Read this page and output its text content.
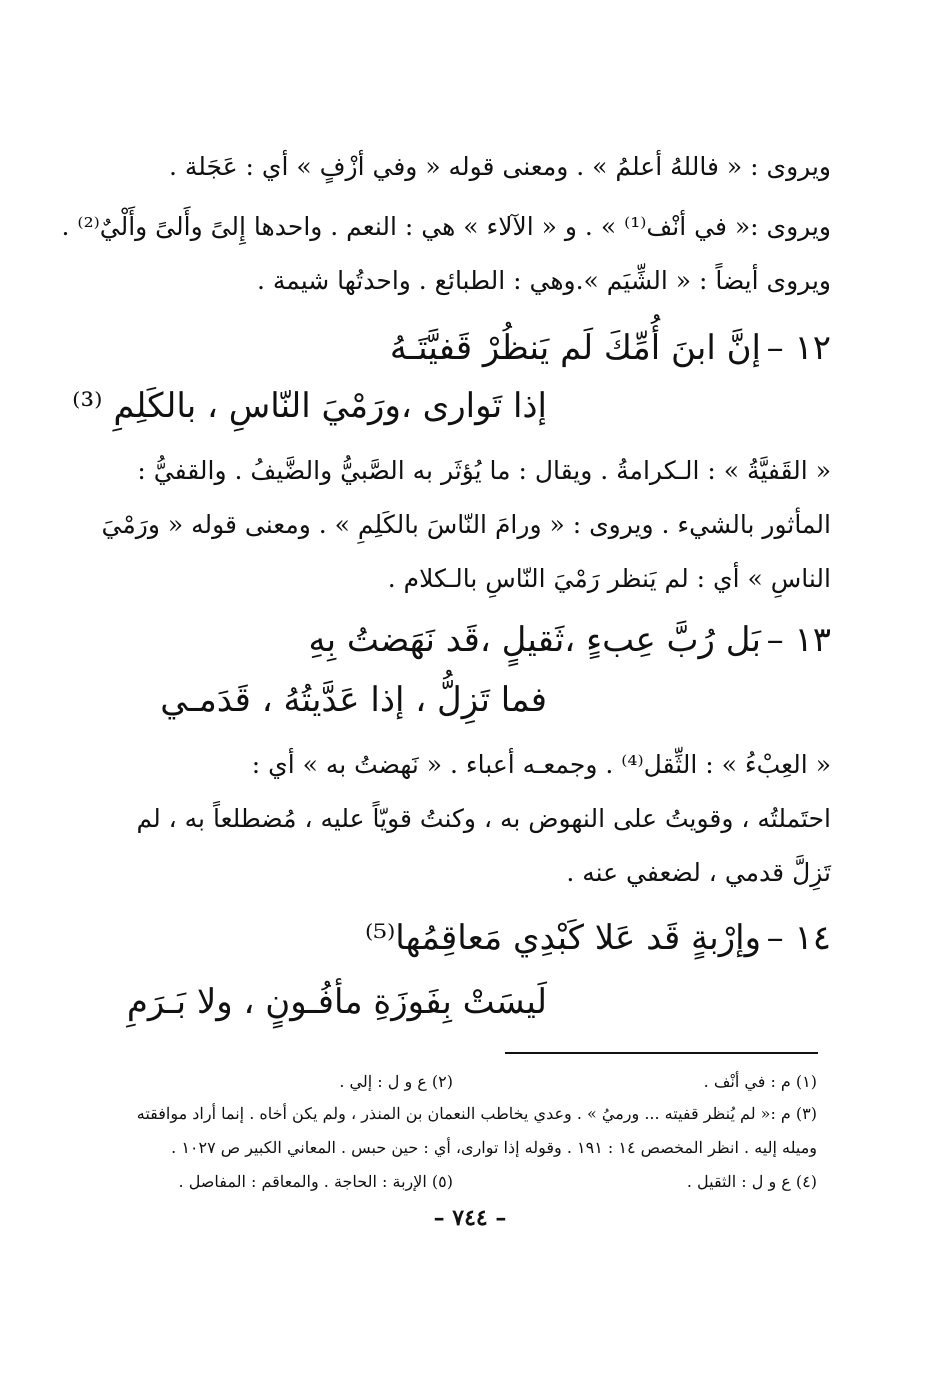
ويروى : « فاللهُ أعلمُ » . ومعنى قوله « وفي أزْفٍ » أي : عَجَلة .
ويروى :« في أنْف⁽¹⁾ » . و « الآلاء » هي : النعم . واحدها إِلىً وأَلىً وأَلْيٌ⁽²⁾ .
ويروى أيضاً : « الشِّيَم ».وهي : الطبائع . واحدتُها شيمة .
١٢ –
إنَّ ابنَ أُمِّكَ لَم يَنظُرْ قَفيَّتَـهُ
إذا تَوارى ،ورَمْيَ النّاسِ ، بالكَلِمِ ⁽³⁾
« القَفيَّةُ » : الـكرامةُ . ويقال : ما يُؤثَر به الصَّبيُّ والضَّيفُ . والقفيُّ :
المأثور بالشيء . ويروى : « ورامَ النّاسَ بالكَلِمِ » . ومعنى قوله « ورَمْيَ
الناسِ » أي : لم يَنظر رَمْيَ النّاسِ بالـكلام .
١٣ –
بَل رُبَّ عِبءٍ ،ثَقيلٍ ،قَد نَهَضتُ بِهِ
فما تَزِلُّ ، إذا عَدَّيتُهُ ، قَدَمـي
« العِبْءُ » : الثِّقل⁽⁴⁾ . وجمعـه أعباء . « نَهضتُ به » أي :
احتَملتُه ، وقويتُ على النهوض به ، وكنتُ قويّاً عليه ، مُضطلعاً به ، لم
تَزِلَّ قدمي ، لضعفي عنه .
١٤ –
وإرْبةٍ قَد عَلا كَبْدِي مَعاقِمُها⁽⁵⁾
لَيسَتْ بِفَوزَةِ مأفُـونٍ ، ولا بَـرَمِ
(١) م : في أنْف .
(٢) ع و ل : إلي .
(٣) م :« لم يُنظر قفيته ... ورميُ » . وعدي يخاطب النعمان بن المنذر ، ولم يكن أخاه . إنما أراد موافقته
وميله إليه . انظر المخصص ١٤ : ١٩١ . وقوله إذا توارى، أي : حين حبس . المعاني الكبير ص ١٠٢٧ .
(٤) ع و ل : الثقيل .
(٥) الإربة : الحاجة . والمعاقم : المفاصل .
– ٧٤٤ –
